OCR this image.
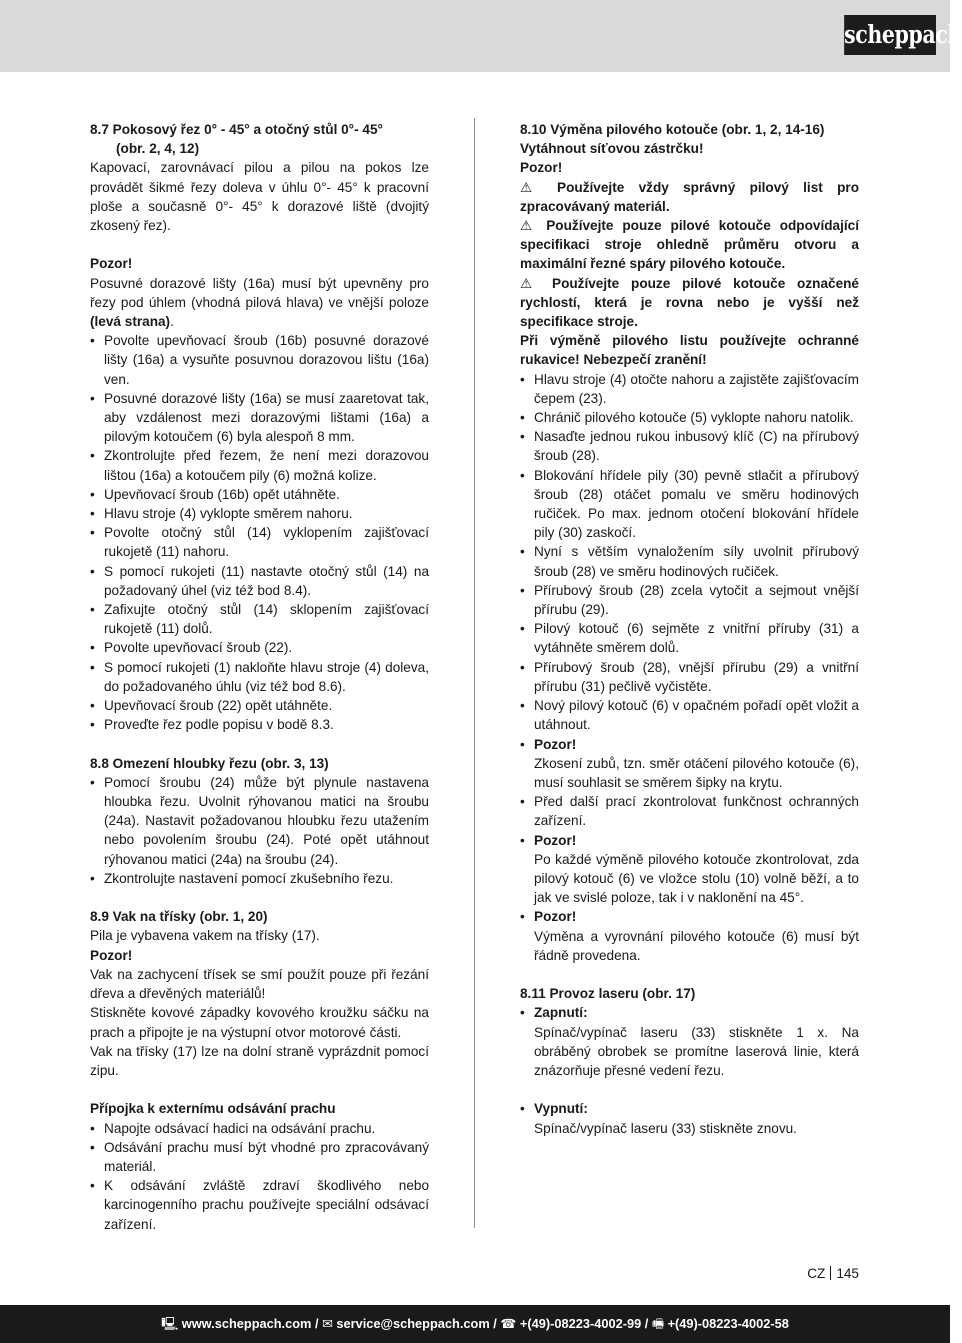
scheppach

8.7 Pokosový řez 0° - 45° a otočný stůl 0°- 45°

(obr. 2, 4, 12)

Kapovací, zarovnávací pilou a pilou na pokos lze provádět šikmé řezy doleva v úhlu 0°- 45° k pracovní ploše a současně 0°- 45° k dorazové liště (dvojitý zkosený řez).

Pozor!

Posuvné dorazové lišty (16a) musí být upevněny pro řezy pod úhlem (vhodná pilová hlava) ve vnější poloze (levá strana).

• Povolte upevňovací šroub (16b) posuvné dorazové lišty (16a) a vysuňte posuvnou dorazovou lištu (16a) ven.
• Posuvné dorazové lišty (16a) se musí zaaretovat tak, aby vzdálenost mezi dorazovými lištami (16a) a pilovým kotoučem (6) byla alespoň 8 mm.
• Zkontrolujte před řezem, že není mezi dorazovou lištou (16a) a kotoučem pily (6) možná kolize.
• Upevňovací šroub (16b) opět utáhněte.
• Hlavu stroje (4) vyklopte směrem nahoru.
• Povolte otočný stůl (14) vyklopením zajišťovací rukojetě (11) nahoru.
• S pomocí rukojeti (11) nastavte otočný stůl (14) na požadovaný úhel (viz též bod 8.4).
• Zafixujte otočný stůl (14) sklopením zajišťovací rukojetě (11) dolů.
• Povolte upevňovací šroub (22).
• S pomocí rukojeti (1) nakloňte hlavu stroje (4) doleva, do požadovaného úhlu (viz též bod 8.6).
• Upevňovací šroub (22) opět utáhněte.
• Proveďte řez podle popisu v bodě 8.3.

8.8 Omezení hloubky řezu (obr. 3, 13)

• Pomocí šroubu (24) může být plynule nastavena hloubka řezu. Uvolnit rýhovanou matici na šroubu (24a). Nastavit požadovanou hloubku řezu utažením nebo povolením šroubu (24). Poté opět utáhnout rýhovanou matici (24a) na šroubu (24).
• Zkontrolujte nastavení pomocí zkušebního řezu.

8.9 Vak na třísky (obr. 1, 20)

Pila je vybavena vakem na třísky (17).

Pozor!

Vak na zachycení třísek se smí použít pouze při řezání dřeva a dřevěných materiálů!

Stiskněte kovové západky kovového kroužku sáčku na prach a připojte je na výstupní otvor motorové části.

Vak na třísky (17) lze na dolní straně vyprázdnit pomocí zipu.

Přípojka k externímu odsávání prachu

• Napojte odsávací hadici na odsávání prachu.
• Odsávání prachu musí být vhodné pro zpracovávaný materiál.
• K odsávání zvláště zdraví škodlivého nebo karcinogenního prachu používejte speciální odsávací zařízení.

8.10 Výměna pilového kotouče (obr. 1, 2, 14-16)

Vytáhnout síťovou zástrčku!

Pozor!

⚠ Používejte vždy správný pilový list pro zpracovávaný materiál.

⚠ Používejte pouze pilové kotouče odpovídající specifikaci stroje ohledně průměru otvoru a maximální řezné spáry pilového kotouče.

⚠ Používejte pouze pilové kotouče označené rychlostí, která je rovna nebo je vyšší než specifikace stroje.

Při výměně pilového listu používejte ochranné rukavice! Nebezpečí zranění!

• Hlavu stroje (4) otočte nahoru a zajistěte zajišťovacím čepem (23).
• Chránič pilového kotouče (5) vyklopte nahoru natolik.
• Nasaďte jednou rukou inbusový klíč (C) na přírubový šroub (28).
• Blokování hřídele pily (30) pevně stlačit a přírubový šroub (28) otáčet pomalu ve směru hodinových ručiček. Po max. jednom otočení blokování hřídele pily (30) zaskočí.
• Nyní s větším vynaložením síly uvolnit přírubový šroub (28) ve směru hodinových ručiček.
• Přírubový šroub (28) zcela vytočit a sejmout vnější přírubu (29).
• Pilový kotouč (6) sejměte z vnitřní příruby (31) a vytáhněte směrem dolů.
• Přírubový šroub (28), vnější přírubu (29) a vnitřní přírubu (31) pečlivě vyčistěte.
• Nový pilový kotouč (6) v opačném pořadí opět vložit a utáhnout.
• Pozor!
Zkosení zubů, tzn. směr otáčení pilového kotouče (6), musí souhlasit se směrem šipky na krytu.
• Před další prací zkontrolovat funkčnost ochranných zařízení.
• Pozor!
Po každé výměně pilového kotouče zkontrolovat, zda pilový kotouč (6) ve vložce stolu (10) volně běží, a to jak ve svislé poloze, tak i v naklonění na 45°.
• Pozor!
Výměna a vyrovnání pilového kotouče (6) musí být řádně provedena.

8.11 Provoz laseru (obr. 17)

• Zapnutí:
Spínač/vypínač laseru (33) stiskněte 1 x. Na obráběný obrobek se promítne laserová linie, která znázorňuje přesné vedení řezu.
• Vypnutí:
Spínač/vypínač laseru (33) stiskněte znovu.
CZ 145
🖳 www.scheppach.com / ✉ service@scheppach.com / ☎ +(49)-08223-4002-99 / 🖷 +(49)-08223-4002-58
